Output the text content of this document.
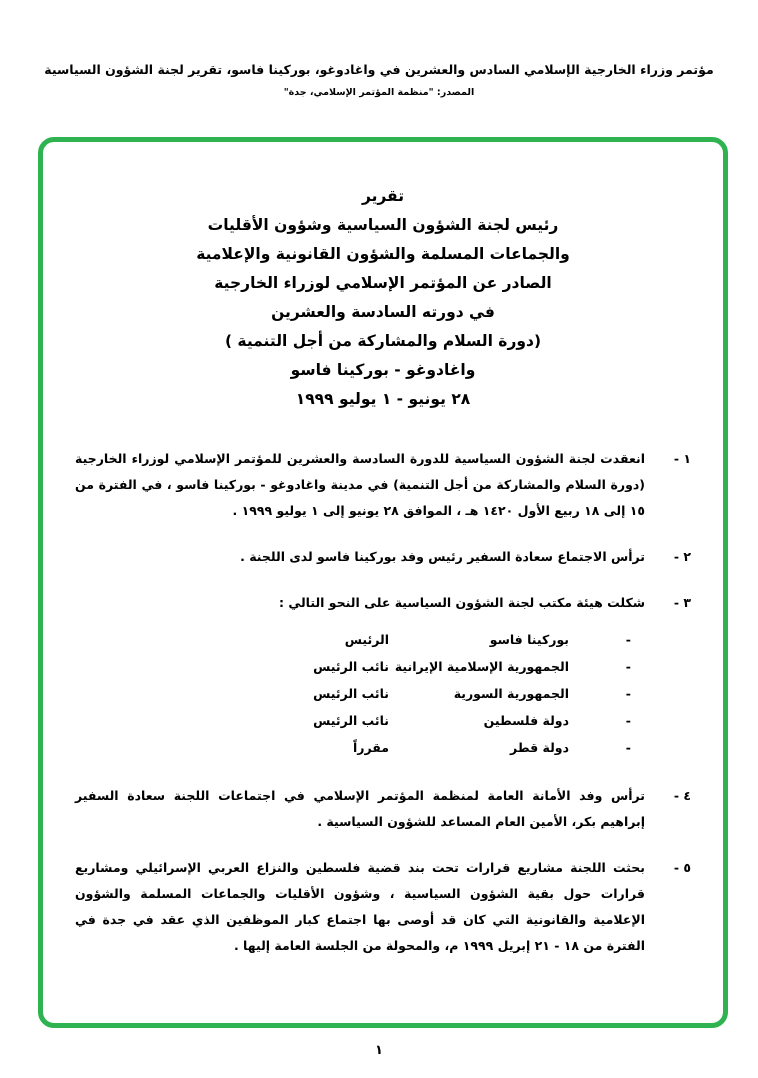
مؤتمر وزراء الخارجية الإسلامي السادس والعشرين في واغادوغو، بوركينا فاسو، تقرير لجنة الشؤون السياسية
المصدر: "منظمة المؤتمر الإسلامي، جدة"
تقرير
رئيس لجنة الشؤون السياسية وشؤون الأقليات
والجماعات المسلمة والشؤون القانونية والإعلامية
الصادر عن المؤتمر الإسلامي لوزراء الخارجية
في دورته السادسة والعشرين
(دورة السلام والمشاركة من أجل التنمية )
واغادوغو - بوركينا فاسو
٢٨ يونيو - ١ يوليو ١٩٩٩
١ -
انعقدت لجنة الشؤون السياسية للدورة السادسة والعشرين للمؤتمر الإسلامي لوزراء الخارجية (دورة السلام والمشاركة من أجل التنمية) في مدينة واغادوغو - بوركينا فاسو ، في الفترة من ١٥ إلى ١٨ ربيع الأول ١٤٢٠ هـ ، الموافق ٢٨ يونيو إلى ١ يوليو ١٩٩٩ .
٢ -
ترأس الاجتماع سعادة السفير رئيس وفد بوركينا فاسو لدى اللجنة .
٣ -
شكلت هيئة مكتب لجنة الشؤون السياسية على النحو التالي :
-
بوركينا فاسو
الرئيس
-
الجمهورية الإسلامية الإيرانية
نائب الرئيس
-
الجمهورية السورية
نائب الرئيس
-
دولة فلسطين
نائب الرئيس
-
دولة قطر
مقرراً
٤ -
ترأس وفد الأمانة العامة لمنظمة المؤتمر الإسلامي في اجتماعات اللجنة سعادة السفير إبراهيم بكر، الأمين العام المساعد للشؤون السياسية .
٥ -
بحثت اللجنة مشاريع قرارات تحت بند قضية فلسطين والنزاع العربي الإسرائيلي ومشاريع قرارات حول بقية الشؤون السياسية ، وشؤون الأقليات والجماعات المسلمة والشؤون الإعلامية والقانونية التي كان قد أوصى بها اجتماع كبار الموظفين الذي عقد في جدة في الفترة من ١٨ - ٢١ إبريل ١٩٩٩ م، والمحولة من الجلسة العامة إليها .
١
